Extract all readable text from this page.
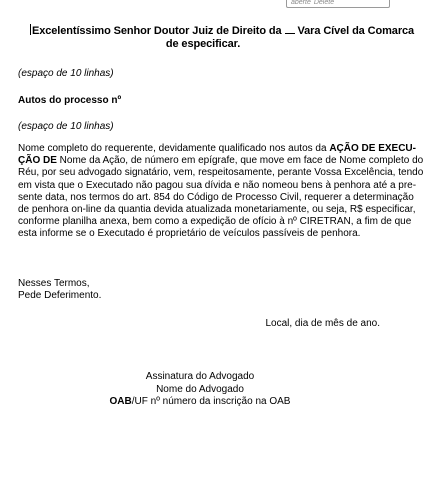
aberte Delete
Excelentíssimo Senhor Doutor Juiz de Direito da Vara Cível da Comarca
de especificar.
(espaço de 10 linhas)
Autos do processo nº
(espaço de 10 linhas)
Nome completo do requerente, devidamente qualificado nos autos da AÇÃO DE EXECU-
ÇÃO DE Nome da Ação, de número em epígrafe, que move em face de Nome completo do
Réu, por seu advogado signatário, vem, respeitosamente, perante Vossa Excelência, tendo
em vista que o Executado não pagou sua dívida e não nomeou bens à penhora até a pre-
sente data, nos termos do art. 854 do Código de Processo Civil, requerer a determinação
de penhora on-line da quantia devida atualizada monetariamente, ou seja, R$ especificar,
conforme planilha anexa, bem como a expedição de ofício à nº CIRETRAN, a fim de que
esta informe se o Executado é proprietário de veículos passíveis de penhora.
Nesses Termos,
Pede Deferimento.
Local, dia de mês de ano.
Assinatura do Advogado
Nome do Advogado
OAB/UF nº número da inscrição na OAB
